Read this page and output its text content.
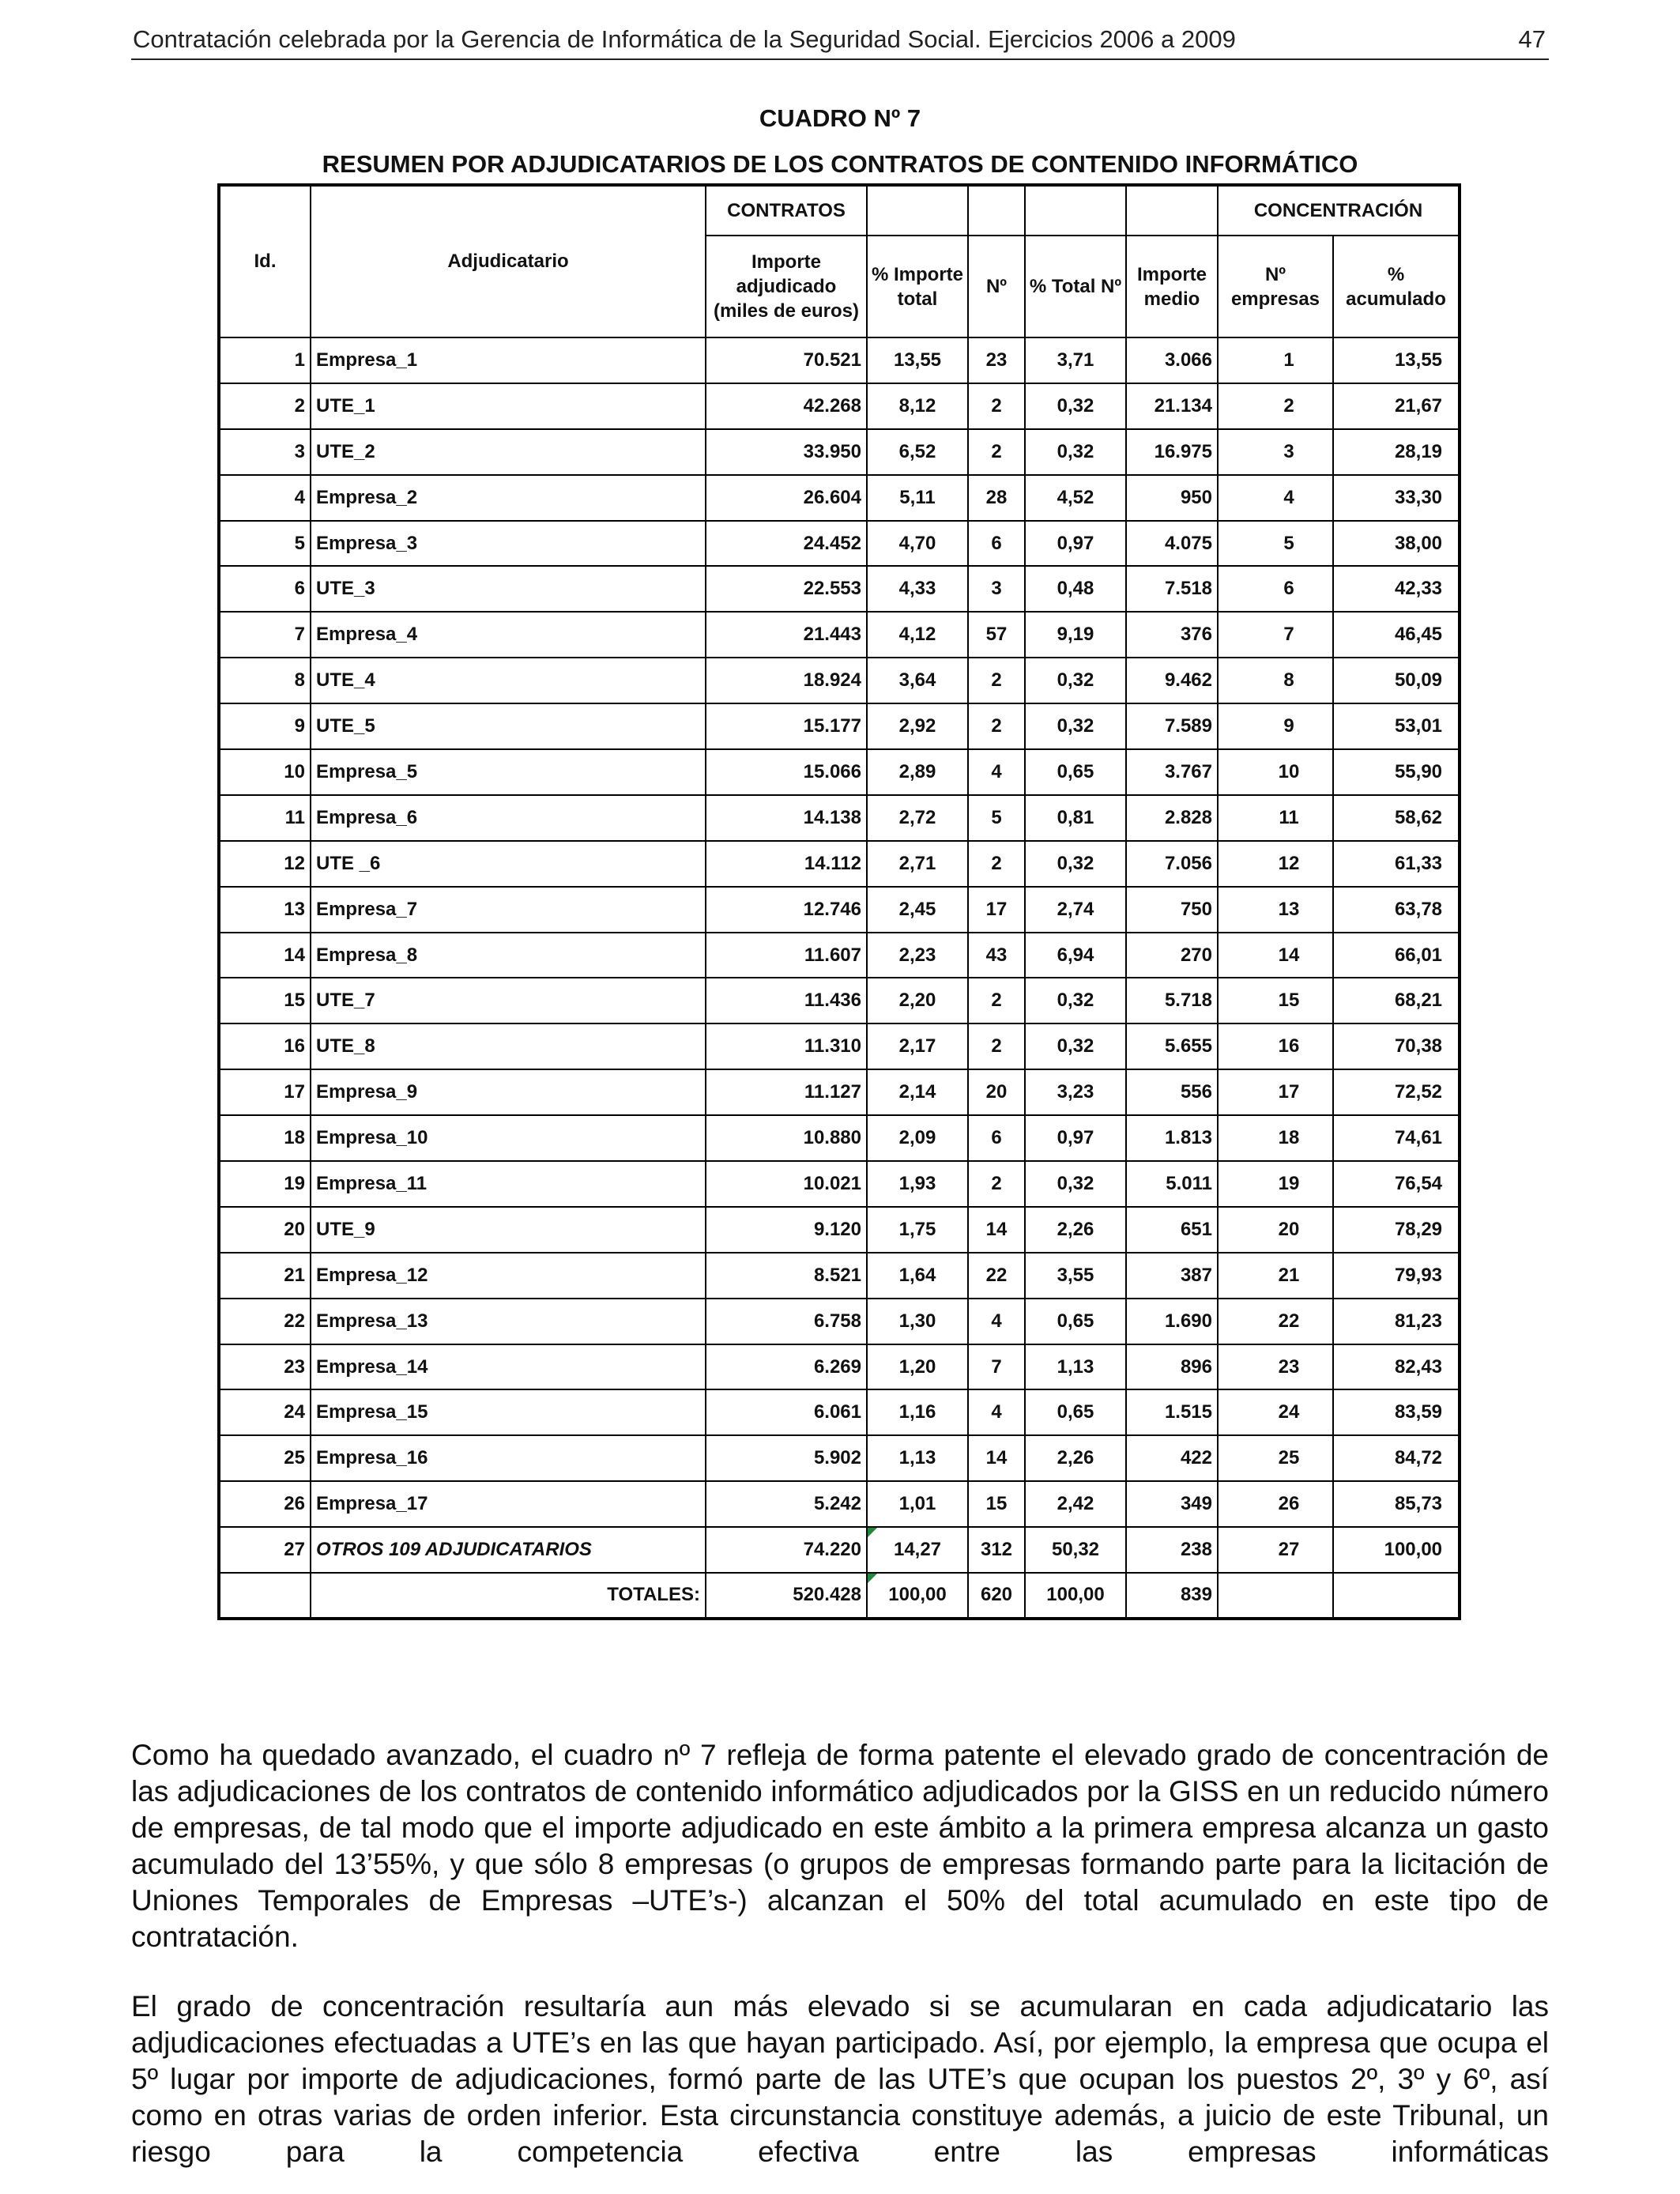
Contratación celebrada por la Gerencia de Informática de la Seguridad Social. Ejercicios 2006 a 2009	47
CUADRO Nº 7
RESUMEN POR ADJUDICATARIOS DE LOS CONTRATOS DE CONTENIDO INFORMÁTICO
Id.	Adjudicatario	CONTRATOS					CONCENTRACIÓN	
		Importe adjudicado (miles de euros)	% Importe total	Nº	% Total Nº	Importe medio	Nº empresas	% acumulado
1	Empresa_1	70.521	13,55	23	3,71	3.066	1	13,55
2	UTE_1	42.268	8,12	2	0,32	21.134	2	21,67
3	UTE_2	33.950	6,52	2	0,32	16.975	3	28,19
4	Empresa_2	26.604	5,11	28	4,52	950	4	33,30
5	Empresa_3	24.452	4,70	6	0,97	4.075	5	38,00
6	UTE_3	22.553	4,33	3	0,48	7.518	6	42,33
7	Empresa_4	21.443	4,12	57	9,19	376	7	46,45
8	UTE_4	18.924	3,64	2	0,32	9.462	8	50,09
9	UTE_5	15.177	2,92	2	0,32	7.589	9	53,01
10	Empresa_5	15.066	2,89	4	0,65	3.767	10	55,90
11	Empresa_6	14.138	2,72	5	0,81	2.828	11	58,62
12	UTE _6	14.112	2,71	2	0,32	7.056	12	61,33
13	Empresa_7	12.746	2,45	17	2,74	750	13	63,78
14	Empresa_8	11.607	2,23	43	6,94	270	14	66,01
15	UTE_7	11.436	2,20	2	0,32	5.718	15	68,21
16	UTE_8	11.310	2,17	2	0,32	5.655	16	70,38
17	Empresa_9	11.127	2,14	20	3,23	556	17	72,52
18	Empresa_10	10.880	2,09	6	0,97	1.813	18	74,61
19	Empresa_11	10.021	1,93	2	0,32	5.011	19	76,54
20	UTE_9	9.120	1,75	14	2,26	651	20	78,29
21	Empresa_12	8.521	1,64	22	3,55	387	21	79,93
22	Empresa_13	6.758	1,30	4	0,65	1.690	22	81,23
23	Empresa_14	6.269	1,20	7	1,13	896	23	82,43
24	Empresa_15	6.061	1,16	4	0,65	1.515	24	83,59
25	Empresa_16	5.902	1,13	14	2,26	422	25	84,72
26	Empresa_17	5.242	1,01	15	2,42	349	26	85,73
27	OTROS 109 ADJUDICATARIOS	74.220	14,27	312	50,32	238	27	100,00
	TOTALES:	520.428	100,00	620	100,00	839		

Como ha quedado avanzado, el cuadro nº 7 refleja de forma patente el elevado grado de concentración de las adjudicaciones de los contratos de contenido informático adjudicados por la GISS en un reducido número de empresas, de tal modo que el importe adjudicado en este ámbito a la primera empresa alcanza un gasto acumulado del 13’55%, y que sólo 8 empresas (o grupos de empresas formando parte para la licitación de Uniones Temporales de Empresas –UTE’s-) alcanzan el 50% del total acumulado en este tipo de contratación.

El grado de concentración resultaría aun más elevado si se acumularan en cada adjudicatario las adjudicaciones efectuadas a UTE’s en las que hayan participado. Así, por ejemplo, la empresa que ocupa el 5º lugar por importe de adjudicaciones, formó parte de las UTE’s que ocupan los puestos 2º, 3º y 6º, así como en otras varias de orden inferior. Esta circunstancia constituye además, a juicio de este Tribunal, un riesgo para la competencia efectiva entre las empresas informáticas
